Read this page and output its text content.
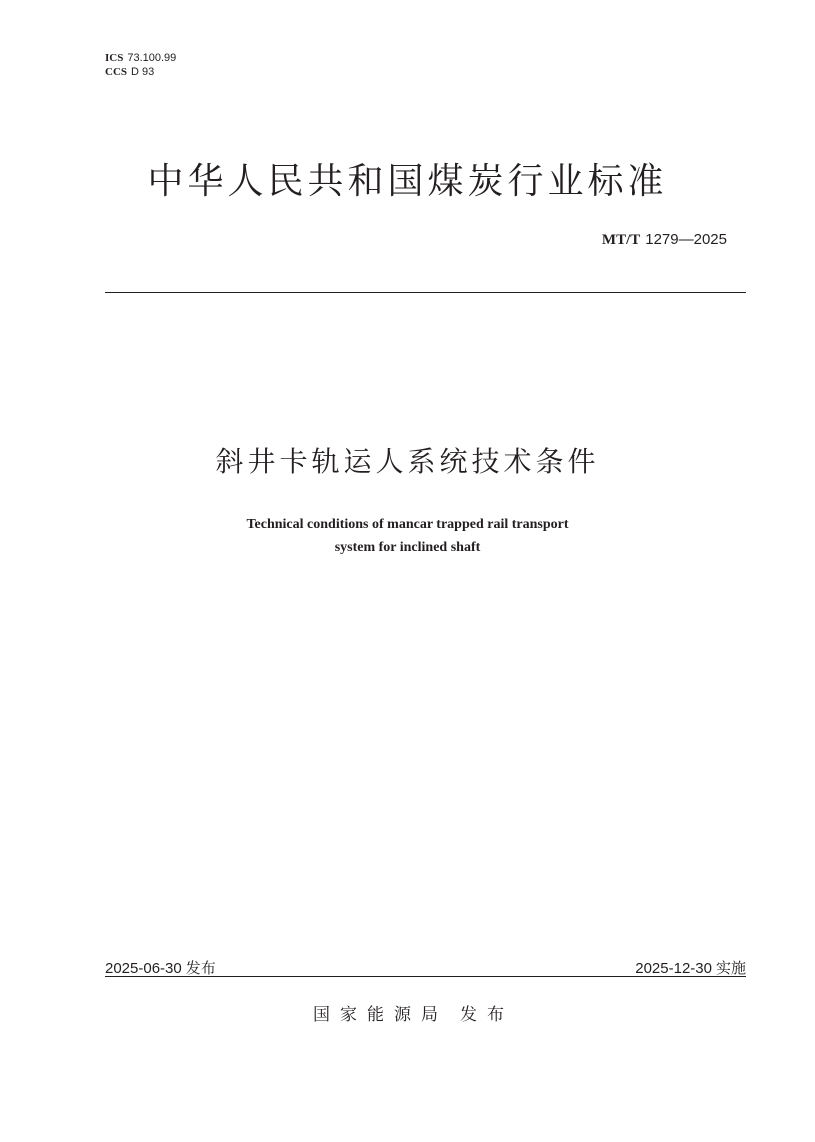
ICS 73.100.99
CCS D 93
中华人民共和国煤炭行业标准
MT/T 1279—2025
斜井卡轨运人系统技术条件
Technical conditions of mancar trapped rail transport
system for inclined shaft
2025-06-30 发布	2025-12-30 实施
国家能源局 发布
